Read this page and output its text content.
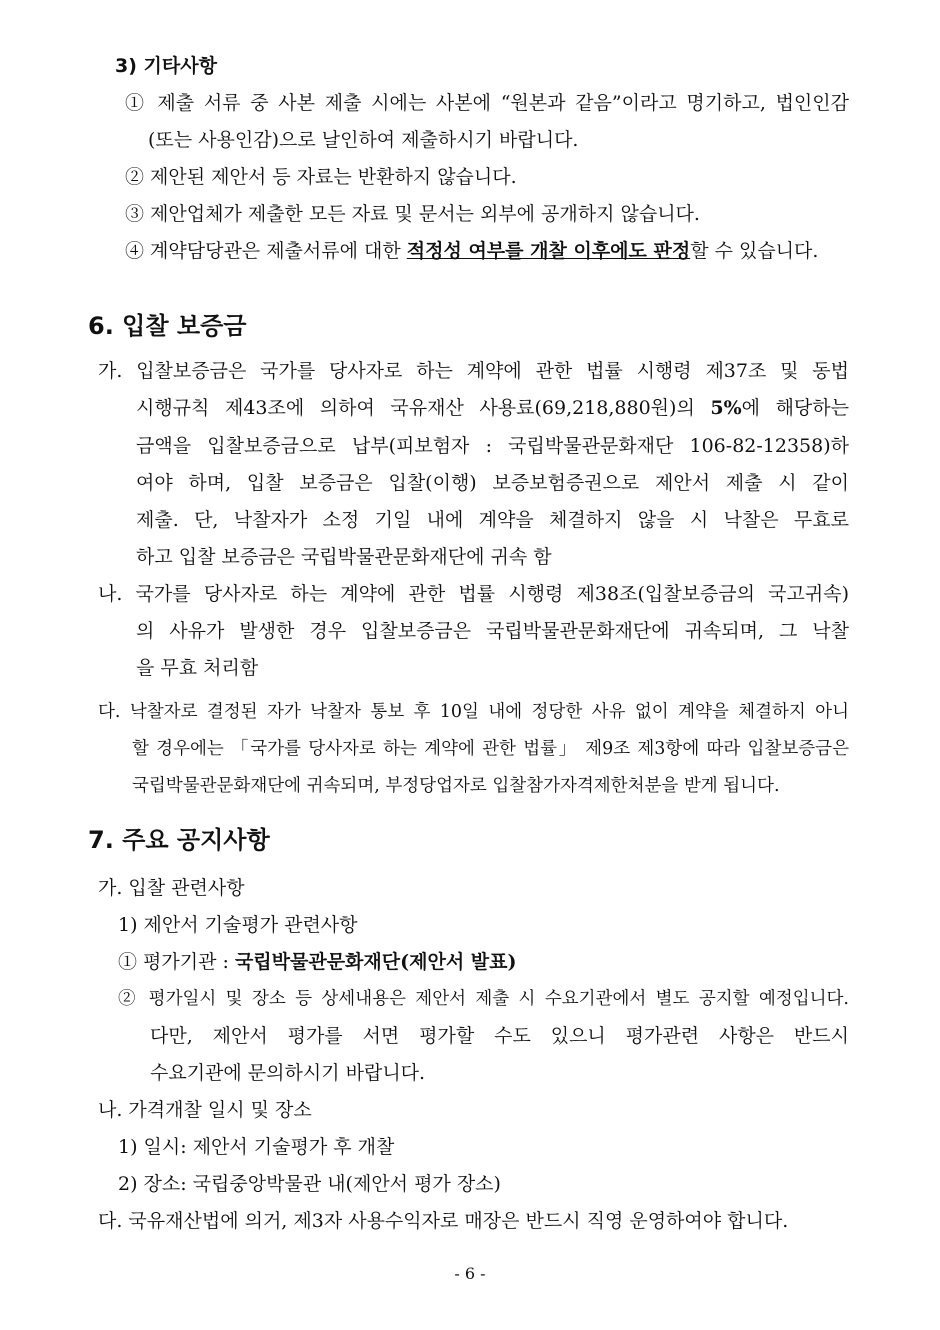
3) 기타사항
① 제출 서류 중 사본 제출 시에는 사본에 “원본과 같음”이라고 명기하고, 법인인감
(또는 사용인감)으로 날인하여 제출하시기 바랍니다.
② 제안된 제안서 등 자료는 반환하지 않습니다.
③ 제안업체가 제출한 모든 자료 및 문서는 외부에 공개하지 않습니다.
④ 계약담당관은 제출서류에 대한 적정성 여부를 개찰 이후에도 판정할 수 있습니다.
6. 입찰 보증금
가. 입찰보증금은 국가를 당사자로 하는 계약에 관한 법률 시행령 제37조 및 동법
시행규칙 제43조에 의하여 국유재산 사용료(69,218,880원)의 5%에 해당하는
금액을 입찰보증금으로 납부(피보험자 : 국립박물관문화재단 106-82-12358)하
여야 하며, 입찰 보증금은 입찰(이행) 보증보험증권으로 제안서 제출 시 같이
제출. 단, 낙찰자가 소정 기일 내에 계약을 체결하지 않을 시 낙찰은 무효로
하고 입찰 보증금은 국립박물관문화재단에 귀속 함
나. 국가를 당사자로 하는 계약에 관한 법률 시행령 제38조(입찰보증금의 국고귀속)
의 사유가 발생한 경우 입찰보증금은 국립박물관문화재단에 귀속되며, 그 낙찰
을 무효 처리함
다. 낙찰자로 결정된 자가 낙찰자 통보 후 10일 내에 정당한 사유 없이 계약을 체결하지 아니
할 경우에는 「국가를 당사자로 하는 계약에 관한 법률」 제9조 제3항에 따라 입찰보증금은
국립박물관문화재단에 귀속되며, 부정당업자로 입찰참가자격제한처분을 받게 됩니다.
7. 주요 공지사항
가. 입찰 관련사항
1) 제안서 기술평가 관련사항
① 평가기관 : 국립박물관문화재단(제안서 발표)
② 평가일시 및 장소 등 상세내용은 제안서 제출 시 수요기관에서 별도 공지할 예정입니다.
다만, 제안서 평가를 서면 평가할 수도 있으니 평가관련 사항은 반드시
수요기관에 문의하시기 바랍니다.
나. 가격개찰 일시 및 장소
1) 일시: 제안서 기술평가 후 개찰
2) 장소: 국립중앙박물관 내(제안서 평가 장소)
다. 국유재산법에 의거, 제3자 사용수익자로 매장은 반드시 직영 운영하여야 합니다.
- 6 -
